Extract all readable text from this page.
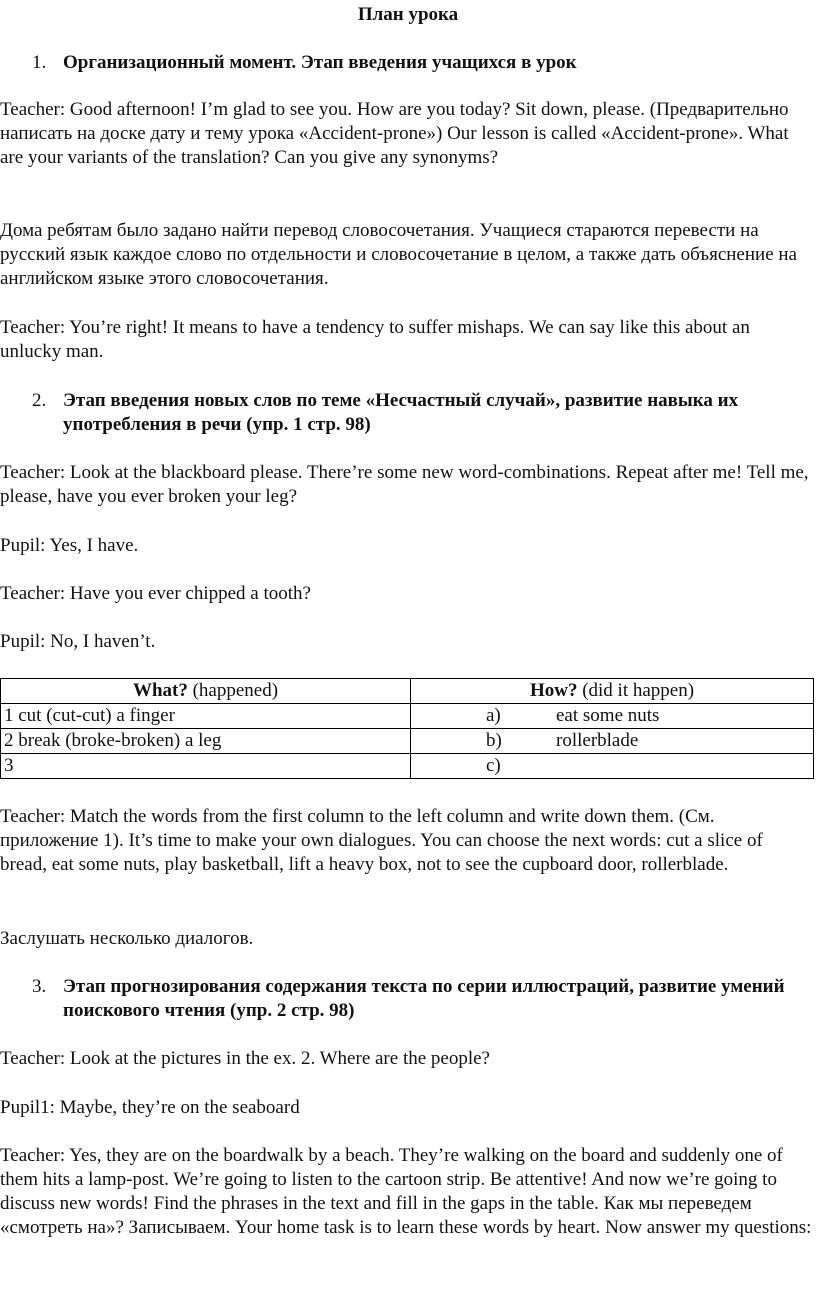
План урока
1. Организационный момент. Этап введения учащихся в урок

Teacher: Good afternoon! I’m glad to see you. How are you today? Sit down, please. (Предварительно написать на доске дату и тему урока «Accident-prone») Our lesson is called «Accident-prone». What are your variants of the translation? Can you give any synonyms?

Дома ребятам было задано найти перевод словосочетания. Учащиеся стараются перевести на русский язык каждое слово по отдельности и словосочетание в целом, а также дать объяснение на английском языке этого словосочетания.

Teacher: You’re right! It means to have a tendency to suffer mishaps. We can say like this about an unlucky man.

2. Этап введения новых слов по теме «Несчастный случай», развитие навыка их употребления в речи (упр. 1 стр. 98)

Teacher: Look at the blackboard please. There’re some new word-combinations. Repeat after me! Tell me, please, have you ever broken your leg?

Pupil: Yes, I have.

Teacher: Have you ever chipped a tooth?

Pupil: No, I haven’t.

What? (happened)	How? (did it happen)
1 cut (cut-cut) a finger	a) eat some nuts
2 break (broke-broken) a leg	b) rollerblade
3	c)

Teacher: Match the words from the first column to the left column and write down them. (См. приложение 1). It’s time to make your own dialogues. You can choose the next words: cut a slice of bread, eat some nuts, play basketball, lift a heavy box, not to see the cupboard door, rollerblade.

Заслушать несколько диалогов.

3. Этап прогнозирования содержания текста по серии иллюстраций, развитие умений поискового чтения (упр. 2 стр. 98)

Teacher: Look at the pictures in the ex. 2. Where are the people?

Pupil1: Maybe, they’re on the seaboard

Teacher: Yes, they are on the boardwalk by a beach. They’re walking on the board and suddenly one of them hits a lamp-post. We’re going to listen to the cartoon strip. Be attentive! And now we’re going to discuss new words! Find the phrases in the text and fill in the gaps in the table. Как мы переведем «смотреть на»? Записываем. Your home task is to learn these words by heart. Now answer my questions:
